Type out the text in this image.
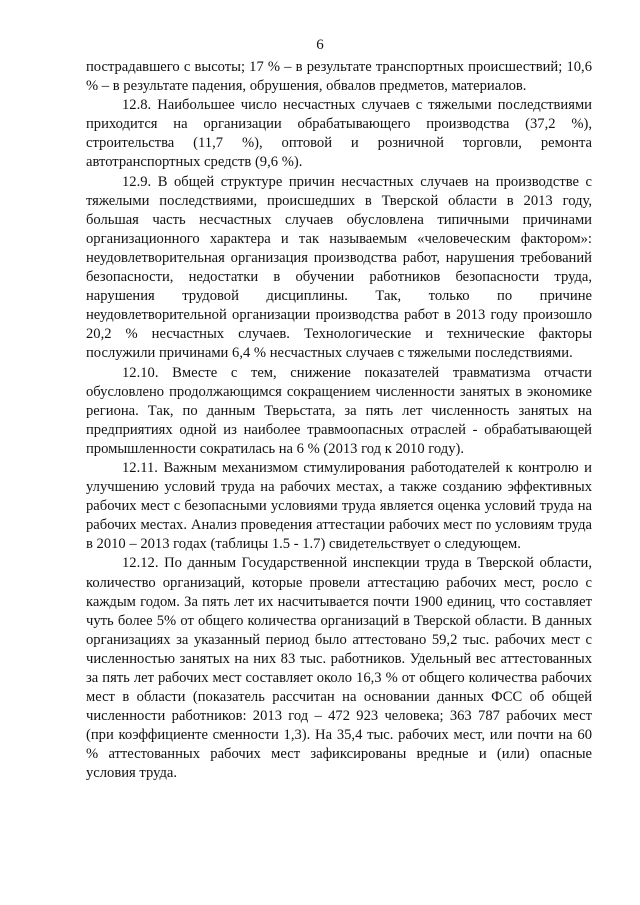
6

пострадавшего с высоты; 17 % – в результате транспортных происшествий; 10,6 % – в результате падения, обрушения, обвалов предметов, материалов.

12.8. Наибольшее число несчастных случаев с тяжелыми последствиями приходится на организации обрабатывающего производства (37,2 %), строительства (11,7 %), оптовой и розничной торговли, ремонта автотранспортных средств (9,6 %).

12.9. В общей структуре причин несчастных случаев на производстве с тяжелыми последствиями, происшедших в Тверской области в 2013 году, большая часть несчастных случаев обусловлена типичными причинами организационного характера и так называемым «человеческим фактором»: неудовлетворительная организация производства работ, нарушения требований безопасности, недостатки в обучении работников безопасности труда, нарушения трудовой дисциплины. Так, только по причине неудовлетворительной организации производства работ в 2013 году произошло 20,2 % несчастных случаев. Технологические и технические факторы послужили причинами 6,4 % несчастных случаев с тяжелыми последствиями.

12.10. Вместе с тем, снижение показателей травматизма отчасти обусловлено продолжающимся сокращением численности занятых в экономике региона. Так, по данным Тверьстата, за пять лет численность занятых на предприятиях одной из наиболее травмоопасных отраслей - обрабатывающей промышленности сократилась на 6 % (2013 год к 2010 году).

12.11. Важным механизмом стимулирования работодателей к контролю и улучшению условий труда на рабочих местах, а также созданию эффективных рабочих мест с безопасными условиями труда является оценка условий труда на рабочих местах. Анализ проведения аттестации рабочих мест по условиям труда в 2010 – 2013 годах (таблицы 1.5 - 1.7) свидетельствует о следующем.

12.12. По данным Государственной инспекции труда в Тверской области, количество организаций, которые провели аттестацию рабочих мест, росло с каждым годом. За пять лет их насчитывается почти 1900 единиц, что составляет чуть более 5% от общего количества организаций в Тверской области. В данных организациях за указанный период было аттестовано 59,2 тыс. рабочих мест с численностью занятых на них 83 тыс. работников. Удельный вес аттестованных за пять лет рабочих мест составляет около 16,3 % от общего количества рабочих мест в области (показатель рассчитан на основании данных ФСС об общей численности работников: 2013 год – 472 923 человека; 363 787 рабочих мест (при коэффициенте сменности 1,3). На 35,4 тыс. рабочих мест, или почти на 60 % аттестованных рабочих мест зафиксированы вредные и (или) опасные условия труда.
